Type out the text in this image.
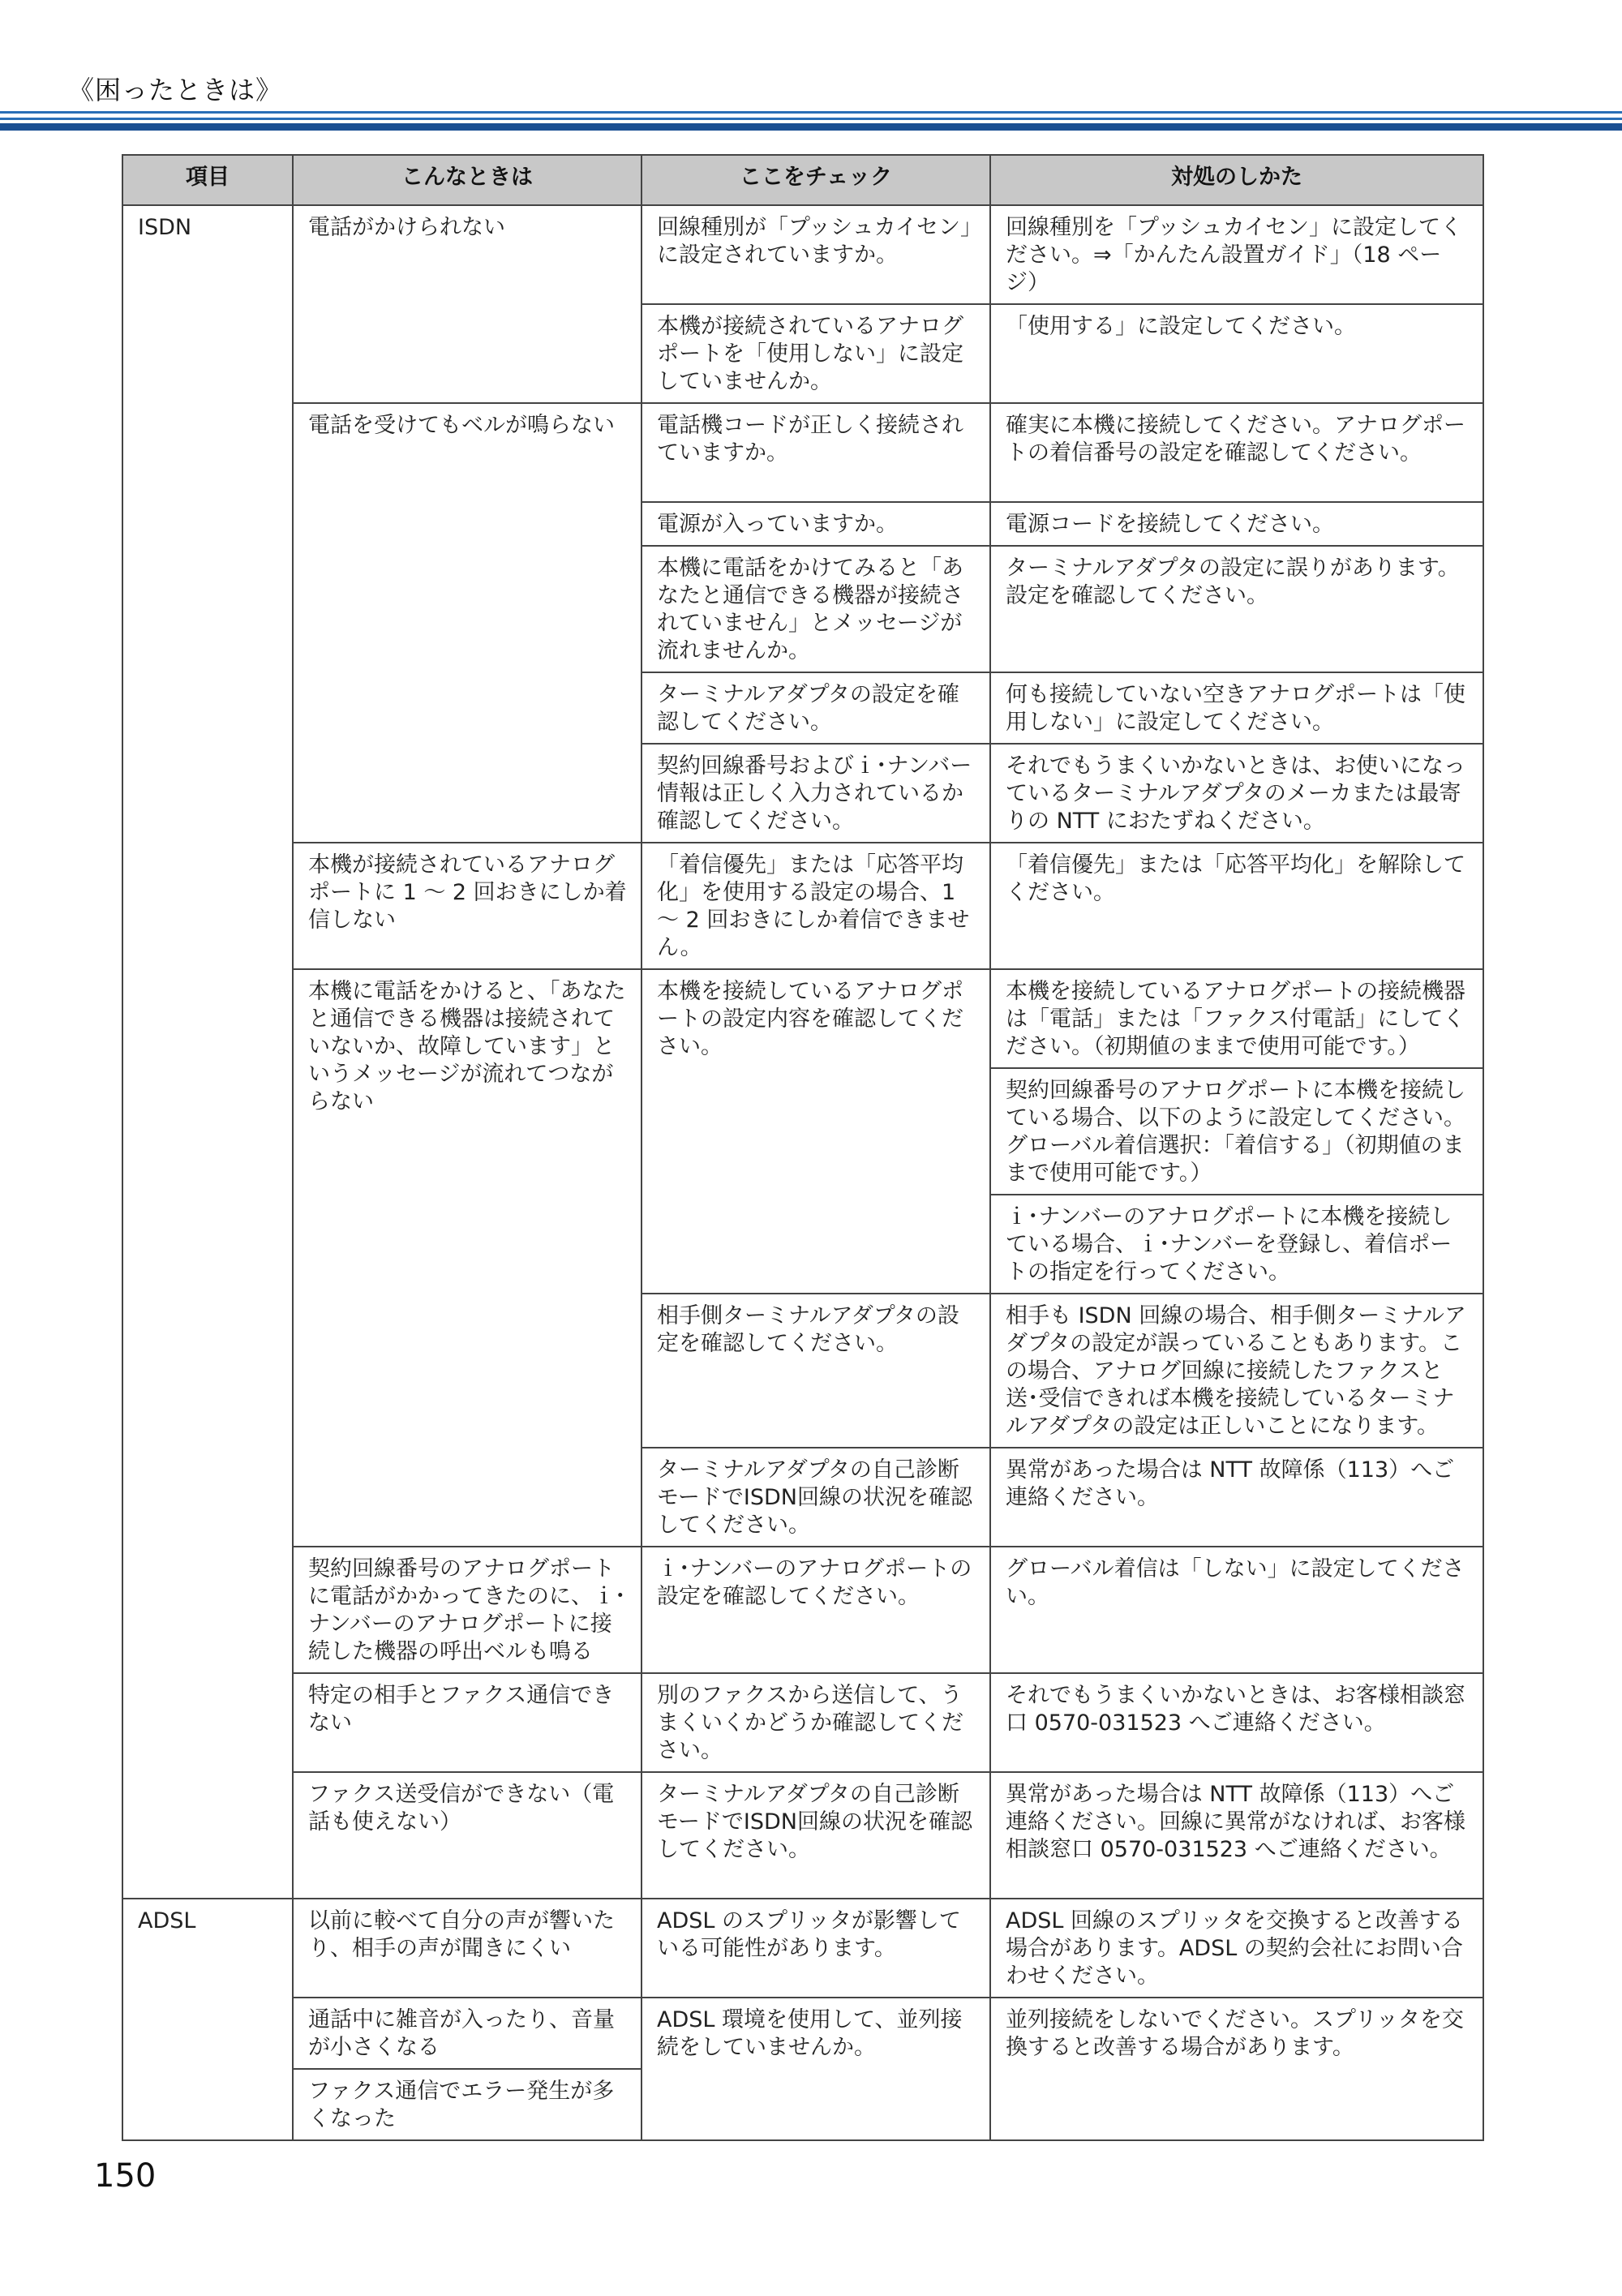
《困ったときは》
項目	こんなときは	ここをチェック	対処のしかた
ISDN	電話がかけられない	回線種別が「プッシュカイセン」に設定されていますか。	回線種別を「プッシュカイセン」に設定してください。⇒「かんたん設置ガイド」（18 ページ）
		本機が接続されているアナログポートを「使用しない」に設定していませんか。	「使用する」に設定してください。
	電話を受けてもベルが鳴らない	電話機コードが正しく接続されていますか。	確実に本機に接続してください。アナログポートの着信番号の設定を確認してください。
		電源が入っていますか。	電源コードを接続してください。
		本機に電話をかけてみると「あなたと通信できる機器が接続されていません」とメッセージが流れませんか。	ターミナルアダプタの設定に誤りがあります。設定を確認してください。
		ターミナルアダプタの設定を確認してください。	何も接続していない空きアナログポートは「使用しない」に設定してください。
		契約回線番号およびｉ･ナンバー情報は正しく入力されているか確認してください。	それでもうまくいかないときは、お使いになっているターミナルアダプタのメーカまたは最寄りの NTT におたずねください。
	本機が接続されているアナログポートに 1 〜 2 回おきにしか着信しない	「着信優先」または「応答平均化」を使用する設定の場合、1 〜 2 回おきにしか着信できません。	「着信優先」または「応答平均化」を解除してください。
	本機に電話をかけると、「あなたと通信できる機器は接続されていないか、故障しています」というメッセージが流れてつながらない	本機を接続しているアナログポートの設定内容を確認してください。	本機を接続しているアナログポートの接続機器は「電話」または「ファクス付電話」にしてください。（初期値のままで使用可能です。）
			契約回線番号のアナログポートに本機を接続している場合、以下のように設定してください。グローバル着信選択：「着信する」（初期値のままで使用可能です。）
			ｉ･ナンバーのアナログポートに本機を接続している場合、ｉ･ナンバーを登録し、着信ポートの指定を行ってください。
		相手側ターミナルアダプタの設定を確認してください。	相手も ISDN 回線の場合、相手側ターミナルアダプタの設定が誤っていることもあります。この場合、アナログ回線に接続したファクスと送･受信できれば本機を接続しているターミナルアダプタの設定は正しいことになります。
		ターミナルアダプタの自己診断モードでISDN回線の状況を確認してください。	異常があった場合は NTT 故障係（113）へご連絡ください。
	契約回線番号のアナログポートに電話がかかってきたのに、ｉ･ナンバーのアナログポートに接続した機器の呼出ベルも鳴る	ｉ･ナンバーのアナログポートの設定を確認してください。	グローバル着信は「しない」に設定してください。
	特定の相手とファクス通信できない	別のファクスから送信して、うまくいくかどうか確認してください。	それでもうまくいかないときは、お客様相談窓口 0570-031523 へご連絡ください。
	ファクス送受信ができない（電話も使えない）	ターミナルアダプタの自己診断モードでISDN回線の状況を確認してください。	異常があった場合は NTT 故障係（113）へご連絡ください。回線に異常がなければ、お客様相談窓口 0570-031523 へご連絡ください。
ADSL	以前に較べて自分の声が響いたり、相手の声が聞きにくい	ADSL のスプリッタが影響している可能性があります。	ADSL 回線のスプリッタを交換すると改善する場合があります。ADSL の契約会社にお問い合わせください。
	通話中に雑音が入ったり、音量が小さくなる	ADSL 環境を使用して、並列接続をしていませんか。	並列接続をしないでください。スプリッタを交換すると改善する場合があります。
	ファクス通信でエラー発生が多くなった		
150
